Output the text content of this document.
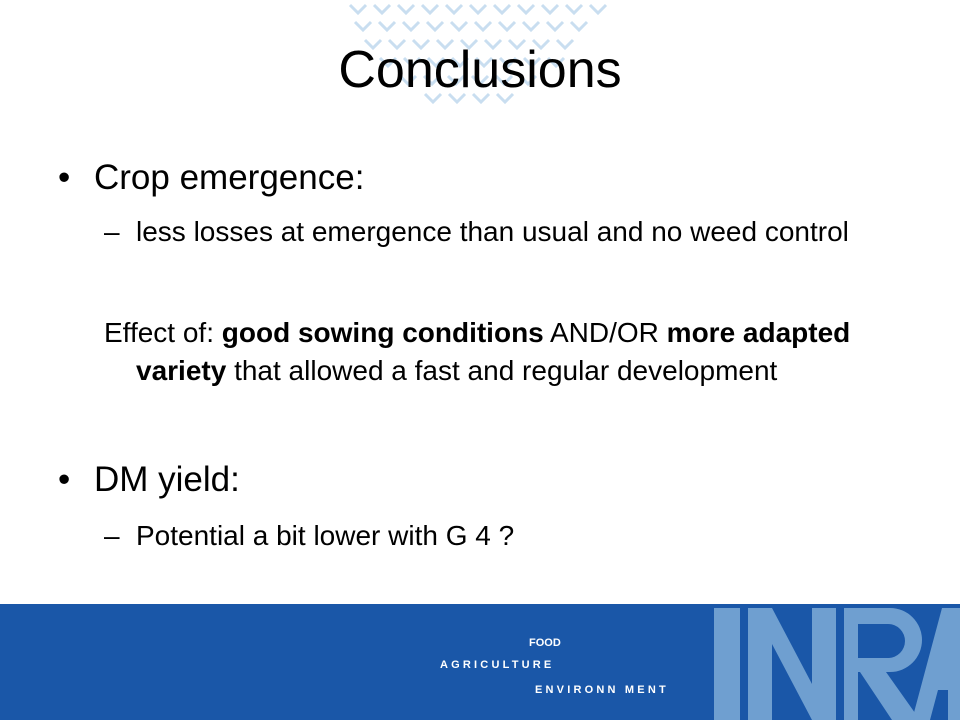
Conclusions
• Crop emergence:
– less losses at emergence than usual and no weed control
Effect of: good sowing conditions AND/OR more adapted variety that allowed a fast and regular development
• DM yield:
– Potential a bit lower with G 4 ?
FOOD
AGRICULTURE
ENVIRONN MENT
